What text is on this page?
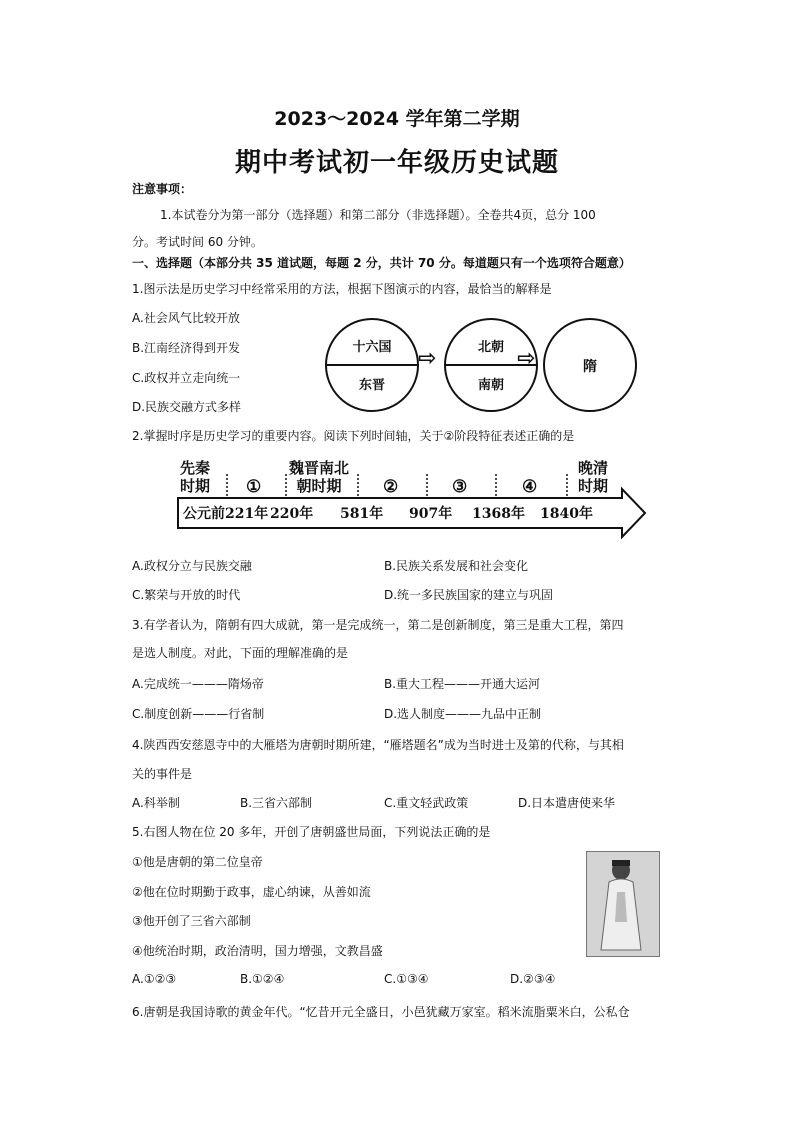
2023～2024 学年第二学期
期中考试初一年级历史试题
注意事项：
1.本试卷分为第一部分（选择题）和第二部分（非选择题）。全卷共4页，总分 100
分。考试时间 60 分钟。
一、选择题（本部分共 35 道试题，每题 2 分，共计 70 分。每道题只有一个选项符合题意）
1.图示法是历史学习中经常采用的方法，根据下图演示的内容，最恰当的解释是
A.社会风气比较开放
B.江南经济得到开发
C.政权并立走向统一
D.民族交融方式多样
十六国
东晋
⇨	北朝
南朝
⇨	隋
2.掌握时序是历史学习的重要内容。阅读下列时间轴，关于②阶段特征表述正确的是
先秦
时期
魏晋南北
朝时期
晚清
时期
①	②	③	④
公元前221年 220年 581年 907年 1368年 1840年
A.政权分立与民族交融	B.民族关系发展和社会变化
C.繁荣与开放的时代	D.统一多民族国家的建立与巩固
3.有学者认为，隋朝有四大成就，第一是完成统一，第二是创新制度，第三是重大工程，第四
是选人制度。对此，下面的理解准确的是
A.完成统一———隋炀帝	B.重大工程———开通大运河
C.制度创新———行省制	D.选人制度———九品中正制
4.陕西西安慈恩寺中的大雁塔为唐朝时期所建，“雁塔题名”成为当时进士及第的代称，与其相
关的事件是
A.科举制	B.三省六部制	C.重文轻武政策	D.日本遣唐使来华
5.右图人物在位 20 多年，开创了唐朝盛世局面，下列说法正确的是
①他是唐朝的第二位皇帝
②他在位时期勤于政事，虚心纳谏，从善如流
③他开创了三省六部制
④他统治时期，政治清明，国力增强，文教昌盛
A.①②③	B.①②④	C.①③④	D.②③④
6.唐朝是我国诗歌的黄金年代。“忆昔开元全盛日，小邑犹藏万家室。稻米流脂粟米白，公私仓
